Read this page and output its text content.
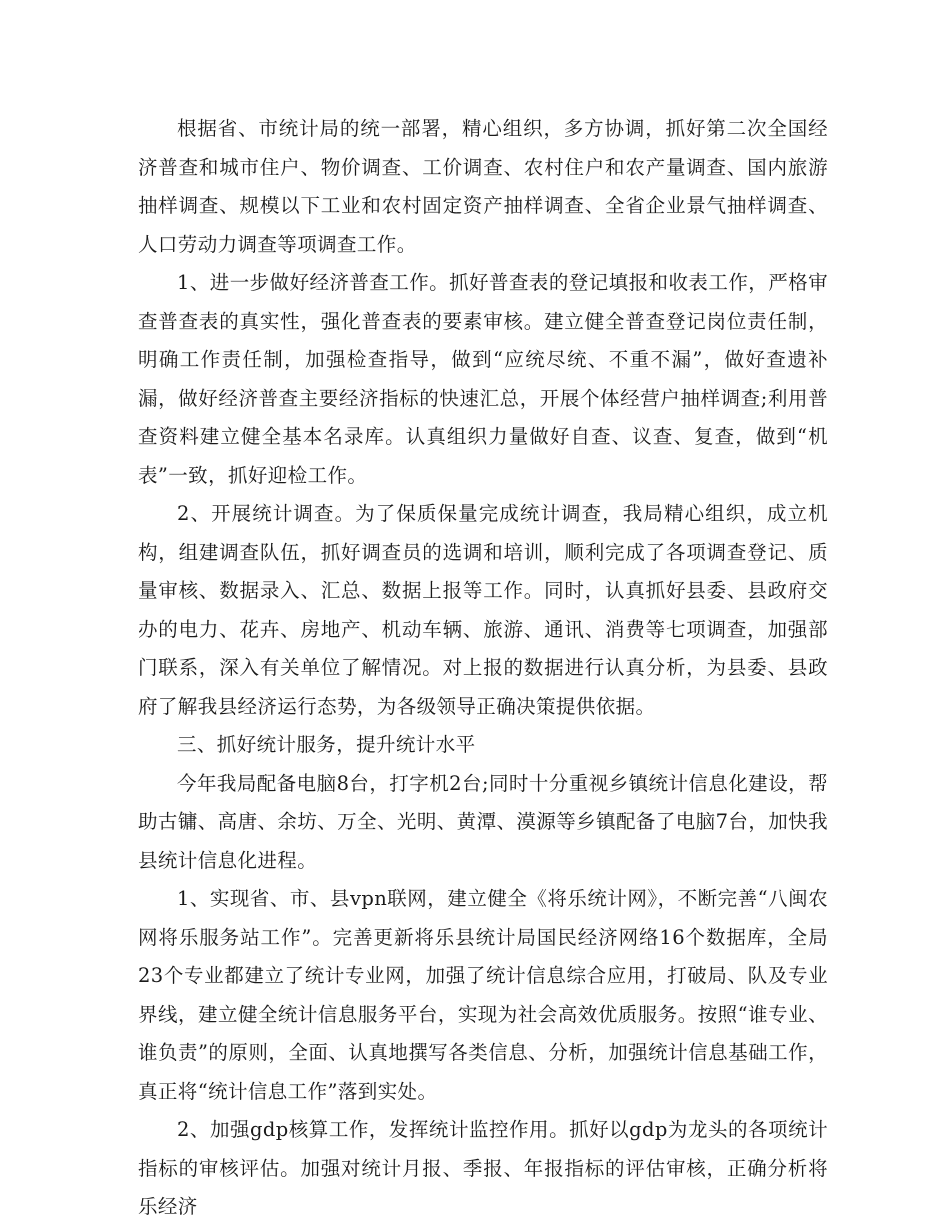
根据省、市统计局的统一部署，精心组织，多方协调，抓好第二次全国经济普查和城市住户、物价调查、工价调查、农村住户和农产量调查、国内旅游抽样调查、规模以下工业和农村固定资产抽样调查、全省企业景气抽样调查、人口劳动力调查等项调查工作。

1、进一步做好经济普查工作。抓好普查表的登记填报和收表工作，严格审查普查表的真实性，强化普查表的要素审核。建立健全普查登记岗位责任制，明确工作责任制，加强检查指导，做到“应统尽统、不重不漏”，做好查遗补漏，做好经济普查主要经济指标的快速汇总，开展个体经营户抽样调查;利用普查资料建立健全基本名录库。认真组织力量做好自查、议查、复查，做到“机表”一致，抓好迎检工作。

2、开展统计调查。为了保质保量完成统计调查，我局精心组织，成立机构，组建调查队伍，抓好调查员的选调和培训，顺利完成了各项调查登记、质量审核、数据录入、汇总、数据上报等工作。同时，认真抓好县委、县政府交办的电力、花卉、房地产、机动车辆、旅游、通讯、消费等七项调查，加强部门联系，深入有关单位了解情况。对上报的数据进行认真分析，为县委、县政府了解我县经济运行态势，为各级领导正确决策提供依据。

三、抓好统计服务，提升统计水平

今年我局配备电脑8台，打字机2台;同时十分重视乡镇统计信息化建设，帮助古镛、高唐、余坊、万全、光明、黄潭、漠源等乡镇配备了电脑7台，加快我县统计信息化进程。

1、实现省、市、县vpn联网，建立健全《将乐统计网》，不断完善“八闽农网将乐服务站工作”。完善更新将乐县统计局国民经济网络16个数据库，全局23个专业都建立了统计专业网，加强了统计信息综合应用，打破局、队及专业界线，建立健全统计信息服务平台，实现为社会高效优质服务。按照“谁专业、谁负责”的原则，全面、认真地撰写各类信息、分析，加强统计信息基础工作，真正将“统计信息工作”落到实处。

2、加强gdp核算工作，发挥统计监控作用。抓好以gdp为龙头的各项统计指标的审核评估。加强对统计月报、季报、年报指标的评估审核，正确分析将乐经济
